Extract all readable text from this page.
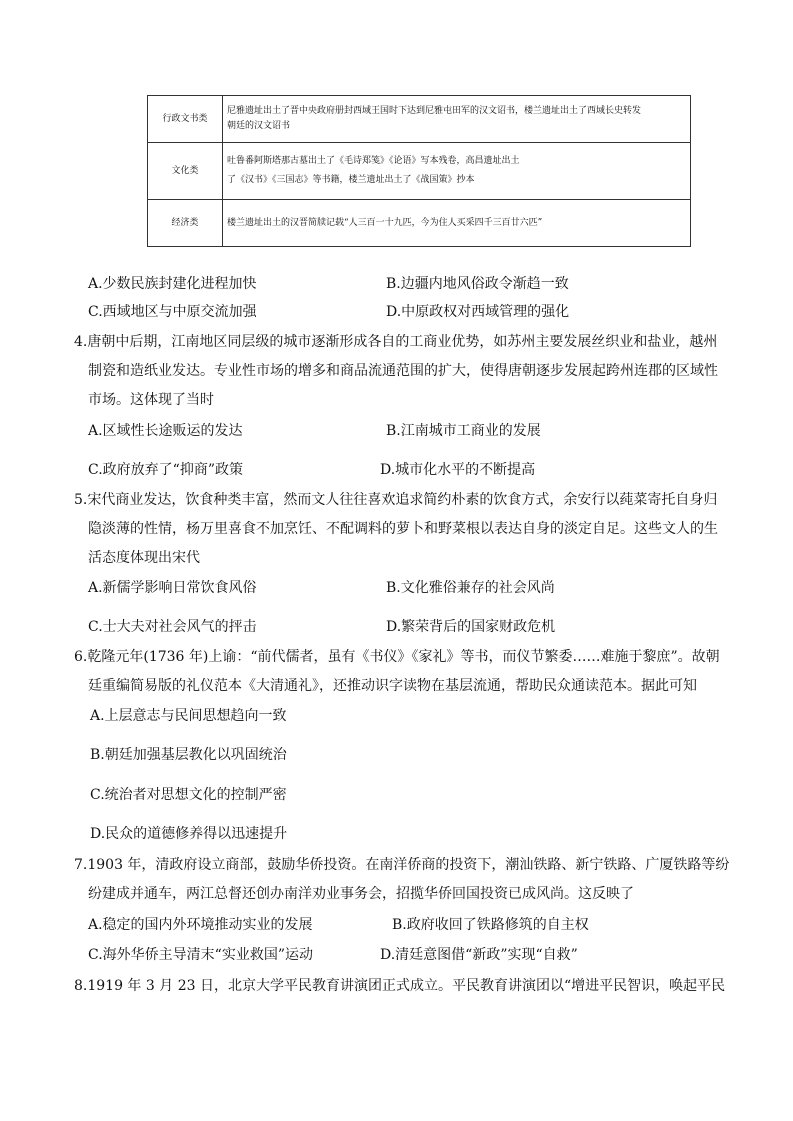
行政文书类	尼雅遗址出土了晋中央政府册封西域王国时下达到尼雅屯田军的汉文诏书，楼兰遗址出土了西域长史转发
朝廷的汉文诏书

文化类	吐鲁番阿斯塔那古墓出土了《毛诗郑笺》《论语》写本残卷，高昌遗址出土
了《汉书》《三国志》等书籍，楼兰遗址出土了《战国策》抄本

经济类	楼兰遗址出土的汉晋简牍记载“人三百一十九匹，今为住人买采四千三百廿六匹”
A.少数民族封建化进程加快	B.边疆内地风俗政令渐趋一致
C.西域地区与中原交流加强	D.中原政权对西域管理的强化
4.唐朝中后期，江南地区同层级的城市逐渐形成各自的工商业优势，如苏州主要发展丝织业和盐业，越州
制瓷和造纸业发达。专业性市场的增多和商品流通范围的扩大，使得唐朝逐步发展起跨州连郡的区域性
市场。这体现了当时
A.区域性长途贩运的发达	B.江南城市工商业的发展
C.政府放弃了“抑商”政策	D.城市化水平的不断提高
5.宋代商业发达，饮食种类丰富，然而文人往往喜欢追求简约朴素的饮食方式，余安行以莼菜寄托自身归
隐淡薄的性情，杨万里喜食不加烹饪、不配调料的萝卜和野菜根以表达自身的淡定自足。这些文人的生
活态度体现出宋代
A.新儒学影响日常饮食风俗	B.文化雅俗兼存的社会风尚
C.士大夫对社会风气的抨击	D.繁荣背后的国家财政危机
6.乾隆元年(1736 年)上谕：“前代儒者，虽有《书仪》《家礼》等书，而仪节繁委……难施于黎庶”。故朝
廷重编简易版的礼仪范本《大清通礼》，还推动识字读物在基层流通，帮助民众通读范本。据此可知
A.上层意志与民间思想趋向一致
B.朝廷加强基层教化以巩固统治
C.统治者对思想文化的控制严密
D.民众的道德修养得以迅速提升
7.1903 年，清政府设立商部，鼓励华侨投资。在南洋侨商的投资下，潮汕铁路、新宁铁路、广厦铁路等纷
纷建成并通车，两江总督还创办南洋劝业事务会，招揽华侨回国投资已成风尚。这反映了
A.稳定的国内外环境推动实业的发展	B.政府收回了铁路修筑的自主权
C.海外华侨主导清末“实业救国”运动	D.清廷意图借“新政”实现“自救”
8.1919 年 3 月 23 日，北京大学平民教育讲演团正式成立。平民教育讲演团以“增进平民智识，唤起平民
